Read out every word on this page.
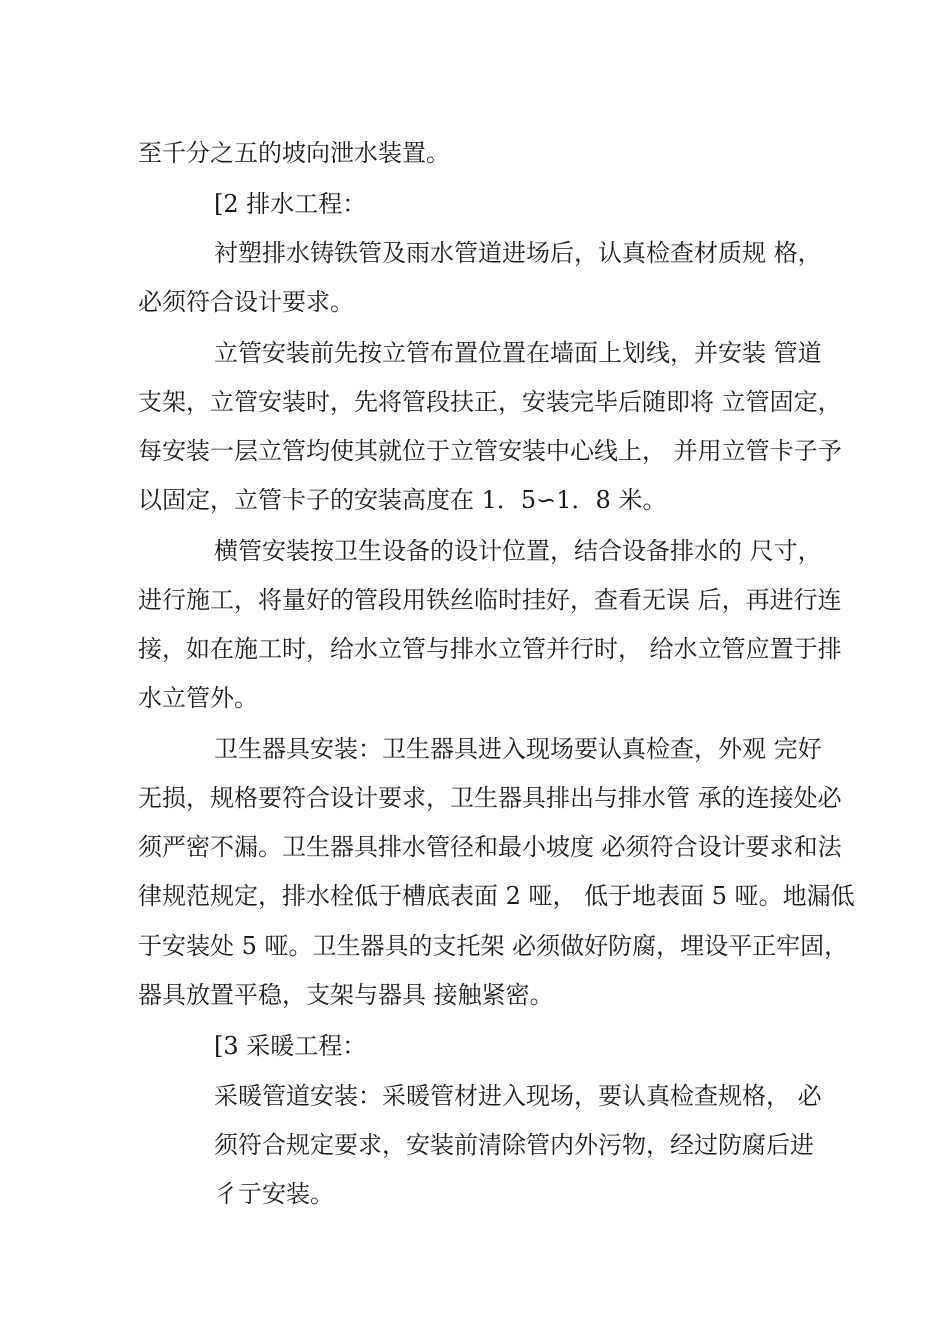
至千分之五的坡向泄水装置。
[2 排水工程：
衬塑排水铸铁管及雨水管道进场后，认真检查材质规 格，
必须符合设计要求。
立管安装前先按立管布置位置在墙面上划线，并安装 管道
支架，立管安装时，先将管段扶正，安装完毕后随即将 立管固定，
每安装一层立管均使其就位于立管安装中心线上， 并用立管卡子予
以固定，立管卡子的安装高度在 1．5∽1．8 米。
横管安装按卫生设备的设计位置，结合设备排水的 尺寸，
进行施工，将量好的管段用铁丝临时挂好，查看无误 后，再进行连
接，如在施工时，给水立管与排水立管并行时， 给水立管应置于排
水立管外。
卫生器具安装：卫生器具进入现场要认真检查，外观 完好
无损，规格要符合设计要求，卫生器具排出与排水管 承的连接处必
须严密不漏。卫生器具排水管径和最小坡度 必须符合设计要求和法
律规范规定，排水栓低于槽底表面 2 哑， 低于地表面 5 哑。地漏低
于安装处 5 哑。卫生器具的支托架 必须做好防腐，埋设平正牢固，
器具放置平稳，支架与器具 接触紧密。
[3 采暖工程：
采暖管道安装：采暖管材进入现场，要认真检查规格， 必
须符合规定要求，安装前清除管内外污物，经过防腐后进
彳亍安装。
